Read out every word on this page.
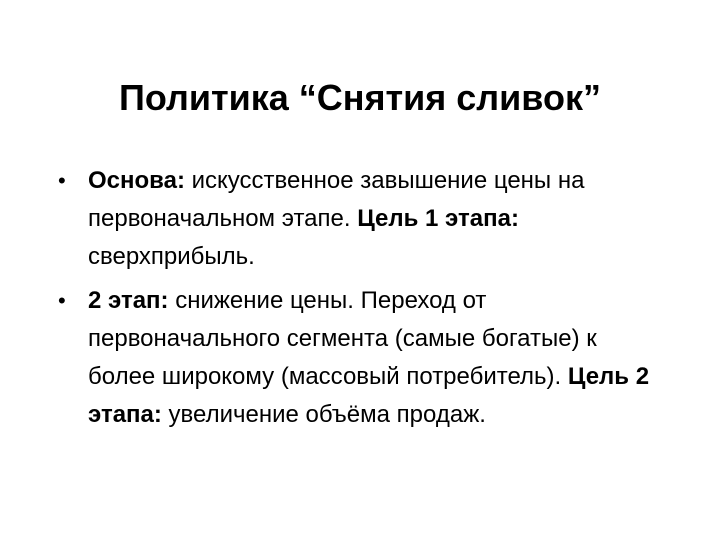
Политика “Снятия сливок”
• Основа: искусственное завышение цены на первоначальном этапе. Цель 1 этапа: сверхприбыль.
• 2 этап: снижение цены. Переход от первоначального сегмента (самые богатые) к более широкому (массовый потребитель). Цель 2 этапа: увеличение объёма продаж.
